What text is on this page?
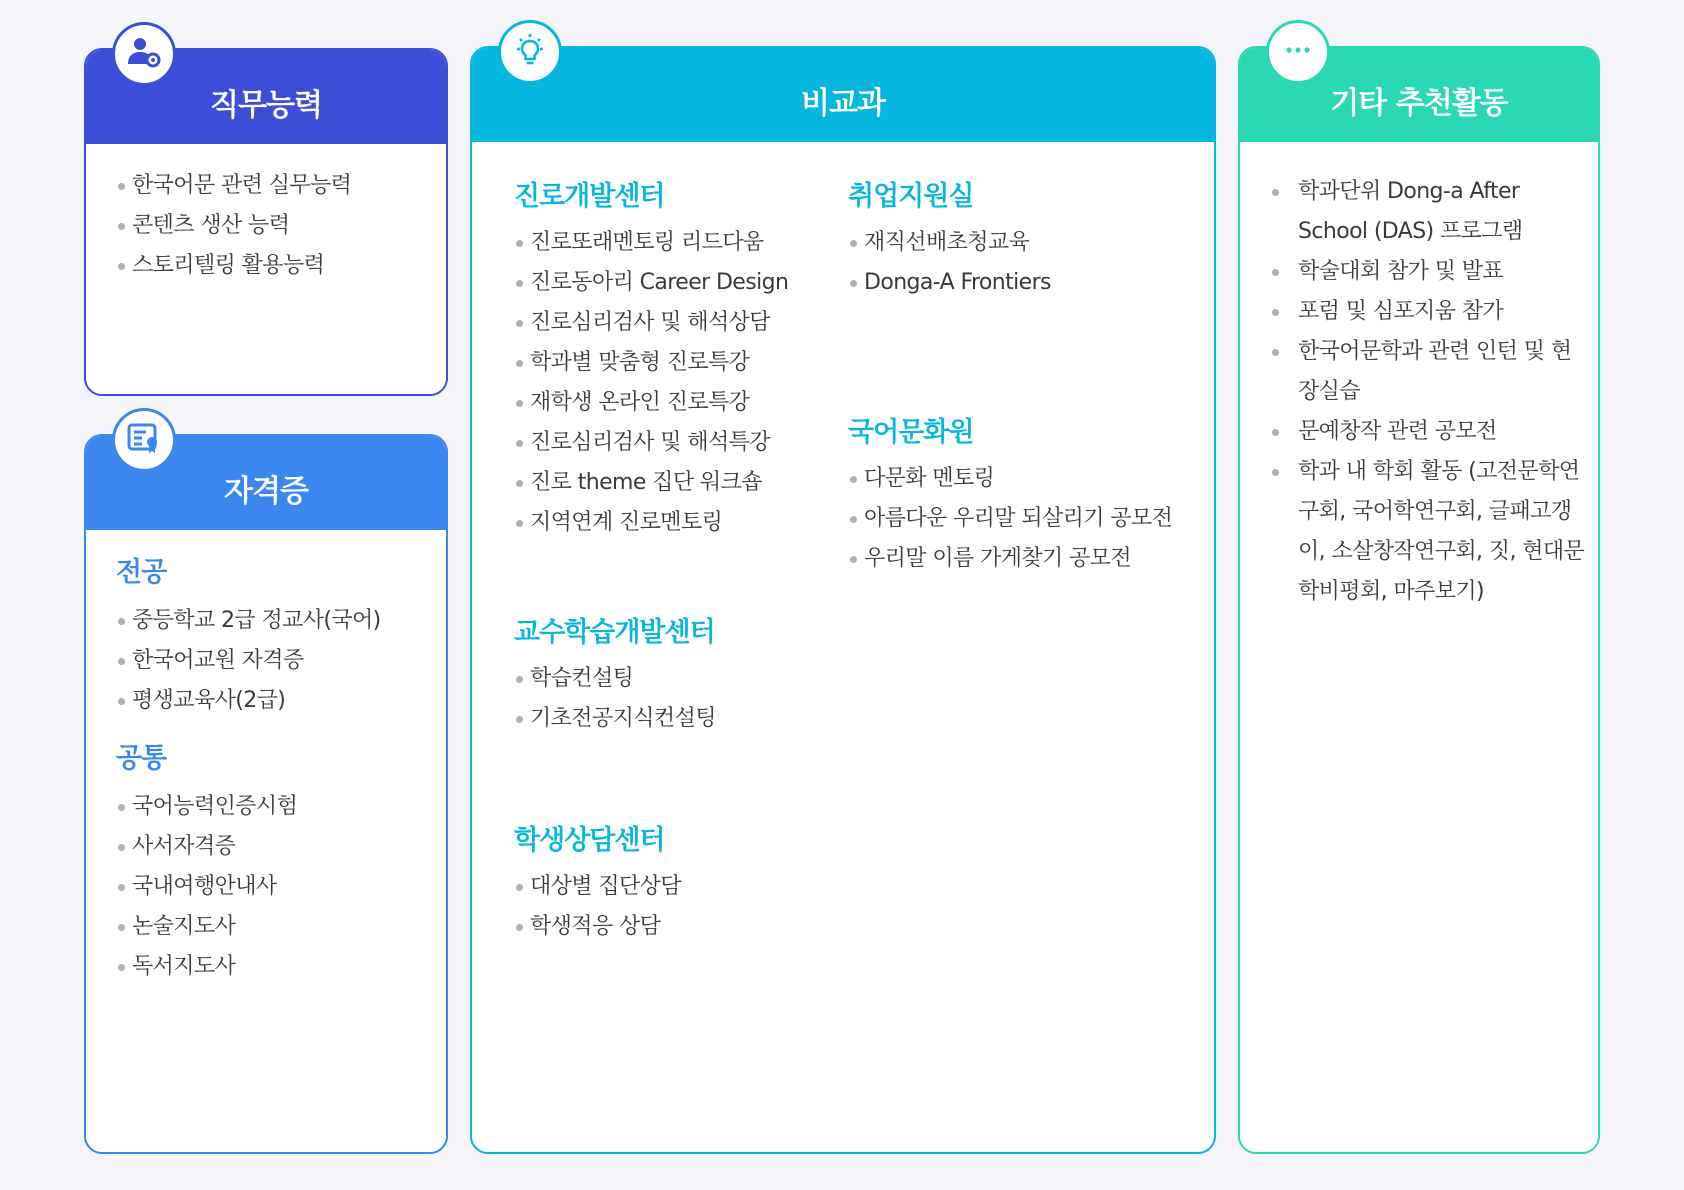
직무능력
한국어문 관련 실무능력
콘텐츠 생산 능력
스토리텔링 활용능력
자격증

전공

중등학교 2급 정교사(국어)
한국어교원 자격증
평생교육사(2급)

공통

국어능력인증시험
사서자격증
국내여행안내사
논술지도사
독서지도사
비교과

진로개발센터

진로또래멘토링 리드다움
진로동아리 Career Design
진로심리검사 및 해석상담
학과별 맞춤형 진로특강
재학생 온라인 진로특강
진로심리검사 및 해석특강
진로 theme 집단 워크숍
지역연계 진로멘토링

교수학습개발센터

학습컨설팅
기초전공지식컨설팅

학생상담센터

대상별 집단상담
학생적응 상담

취업지원실

재직선배초청교육
Donga-A Frontiers

국어문화원

다문화 멘토링
아름다운 우리말 되살리기 공모전
우리말 이름 가게찾기 공모전
기타 추천활동
학과단위 Dong-a After School (DAS) 프로그램
학술대회 참가 및 발표
포럼 및 심포지움 참가
한국어문학과 관련 인턴 및 현장실습
문예창작 관련 공모전
학과 내 학회 활동 (고전문학연구회, 국어학연구회, 글패고갱이, 소살창작연구회, 짓, 현대문학비평회, 마주보기)
